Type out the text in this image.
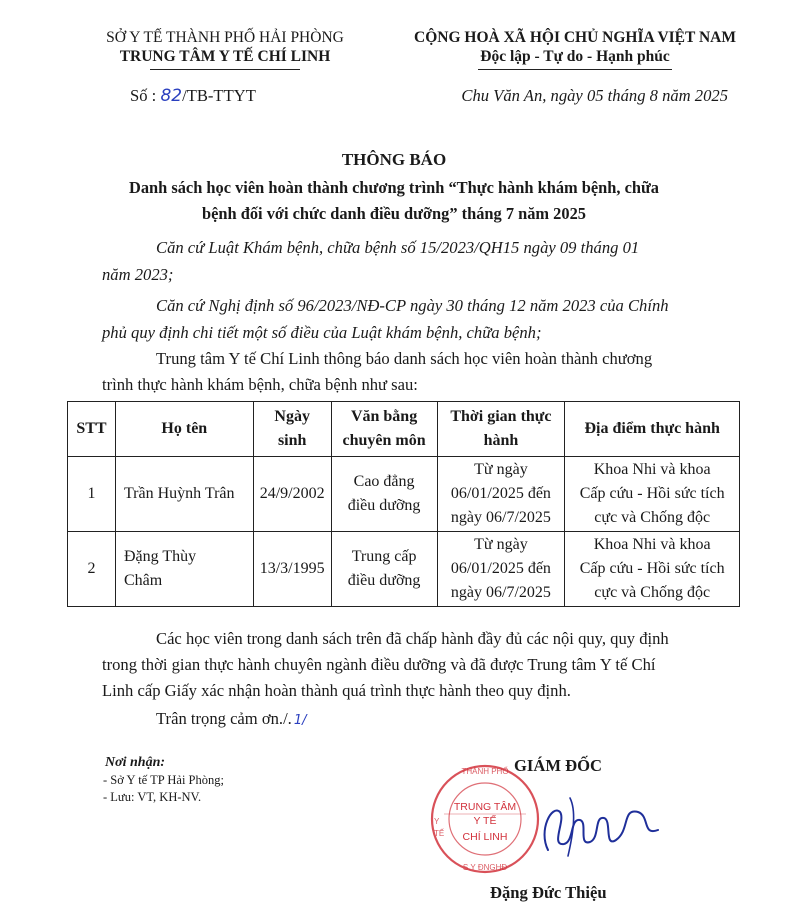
SỞ Y TẾ THÀNH PHỐ HẢI PHÒNG
TRUNG TÂM Y TẾ CHÍ LINH
CỘNG HOÀ XÃ HỘI CHỦ NGHĨA VIỆT NAM
Độc lập - Tự do - Hạnh phúc
Số : 82/TB-TTYT	Chu Văn An, ngày 05 tháng 8 năm 2025
THÔNG BÁO
Danh sách học viên hoàn thành chương trình “Thực hành khám bệnh, chữa
bệnh đối với chức danh điều dưỡng” tháng 7 năm 2025
Căn cứ Luật Khám bệnh, chữa bệnh số 15/2023/QH15 ngày 09 tháng 01
năm 2023;
Căn cứ Nghị định số 96/2023/NĐ-CP ngày 30 tháng 12 năm 2023 của Chính
phủ quy định chi tiết một số điều của Luật khám bệnh, chữa bệnh;
Trung tâm Y tế Chí Linh thông báo danh sách học viên hoàn thành chương
trình thực hành khám bệnh, chữa bệnh như sau:
STT	Họ tên	Ngày
sinh	Văn bằng
chuyên môn	Thời gian thực
hành	Địa điểm thực hành
1	Trần Huỳnh Trân	24/9/2002	Cao đẳng
điều dưỡng	Từ ngày
06/01/2025 đến
ngày 06/7/2025	Khoa Nhi và khoa
Cấp cứu - Hồi sức tích
cực và Chống độc
2	Đặng Thùy
Châm	13/3/1995	Trung cấp
điều dưỡng	Từ ngày
06/01/2025 đến
ngày 06/7/2025	Khoa Nhi và khoa
Cấp cứu - Hồi sức tích
cực và Chống độc
Các học viên trong danh sách trên đã chấp hành đầy đủ các nội quy, quy định
trong thời gian thực hành chuyên ngành điều dưỡng và đã được Trung tâm Y tế Chí
Linh cấp Giấy xác nhận hoàn thành quá trình thực hành theo quy định.
Trân trọng cảm ơn./. 1/
Nơi nhận:
- Sở Y tế TP Hải Phòng;
- Lưu: VT, KH-NV.
GIÁM ĐỐC
THÀNH PHỐ
Y
TẾ
S.Y ĐNGHĐ
TRUNG TÂM
Y TẾ
CHÍ LINH
Đặng Đức Thiệu
